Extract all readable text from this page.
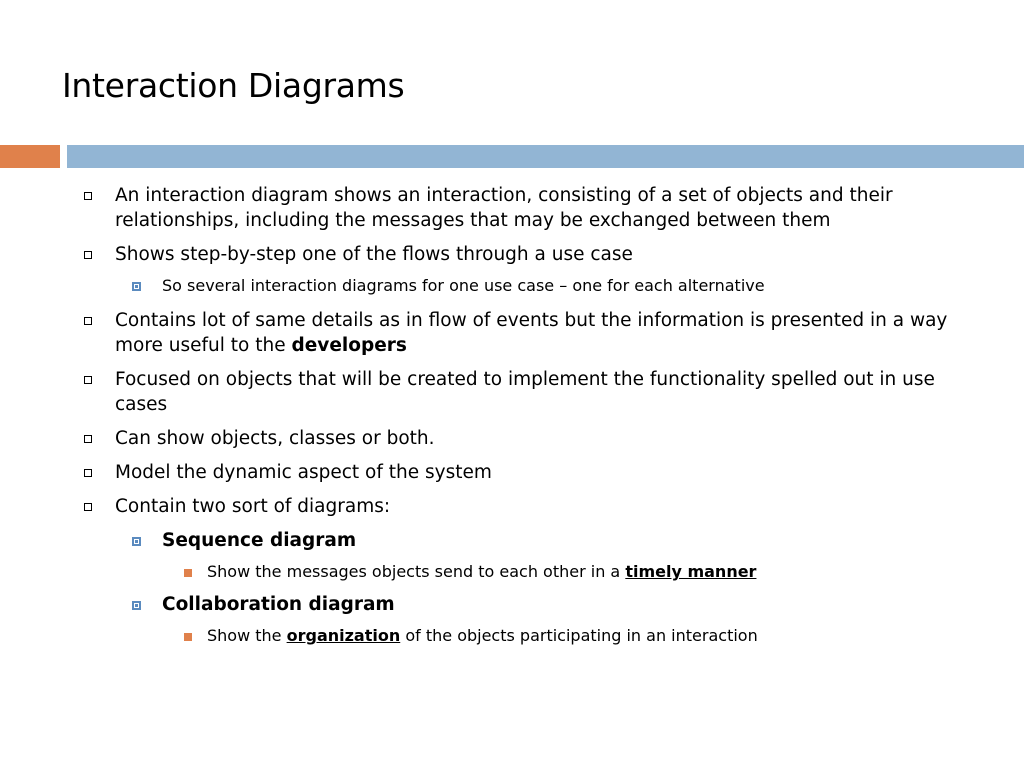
Interaction Diagrams
An interaction diagram shows an interaction, consisting of a set of objects and their relationships, including the messages that may be exchanged between them
Shows step-by-step one of the flows through a use case
So several interaction diagrams for one use case – one for each alternative
Contains lot of same details as in flow of events but the information is presented in a way more useful to the developers
Focused on objects that will be created to implement the functionality spelled out in use cases
Can show objects, classes or both.
Model the dynamic aspect of the system
Contain two sort of diagrams:
Sequence diagram
Show the messages objects send to each other in a timely manner
Collaboration diagram
Show the organization of the objects participating in an interaction
